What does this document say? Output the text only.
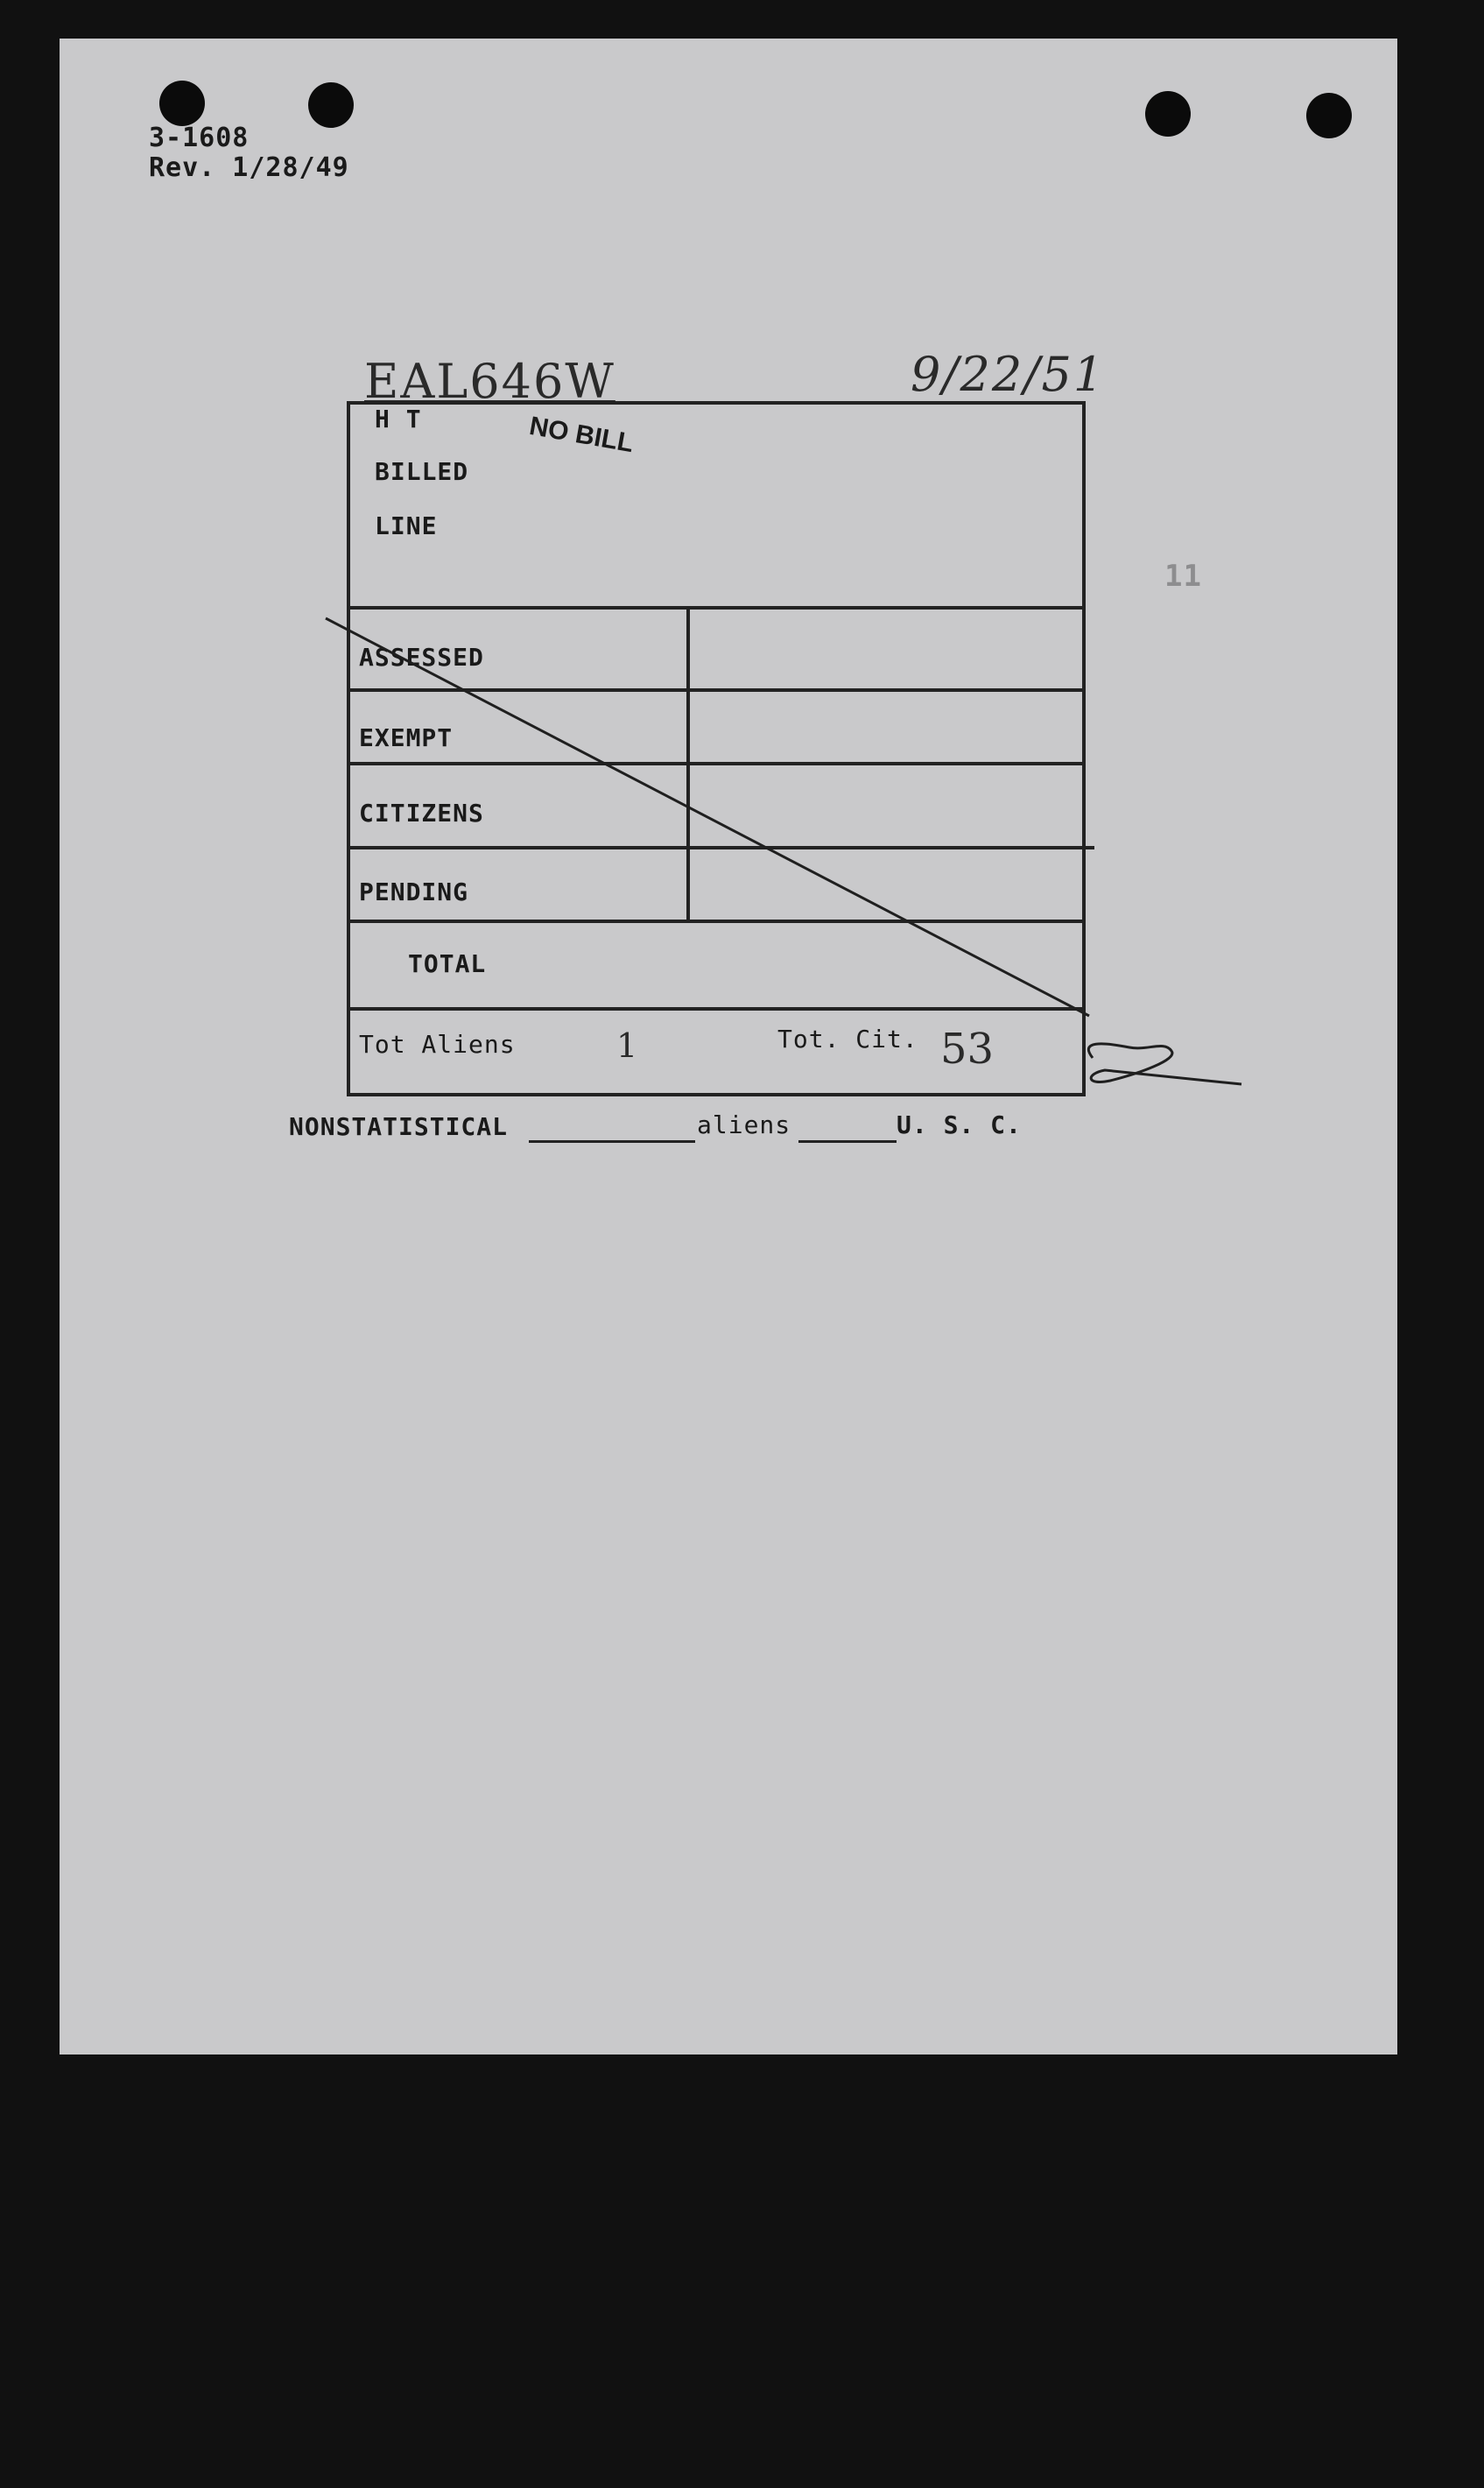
3-1608
Rev. 1/28/49
EAL646W	9/22/51
H T
BILLED
LINE
NO BILL
ASSESSED
EXEMPT
CITIZENS
PENDING
TOTAL
Tot Aliens	1	Tot. Cit. 53
11
NONSTATISTICAL	aliens	U. S. C.
